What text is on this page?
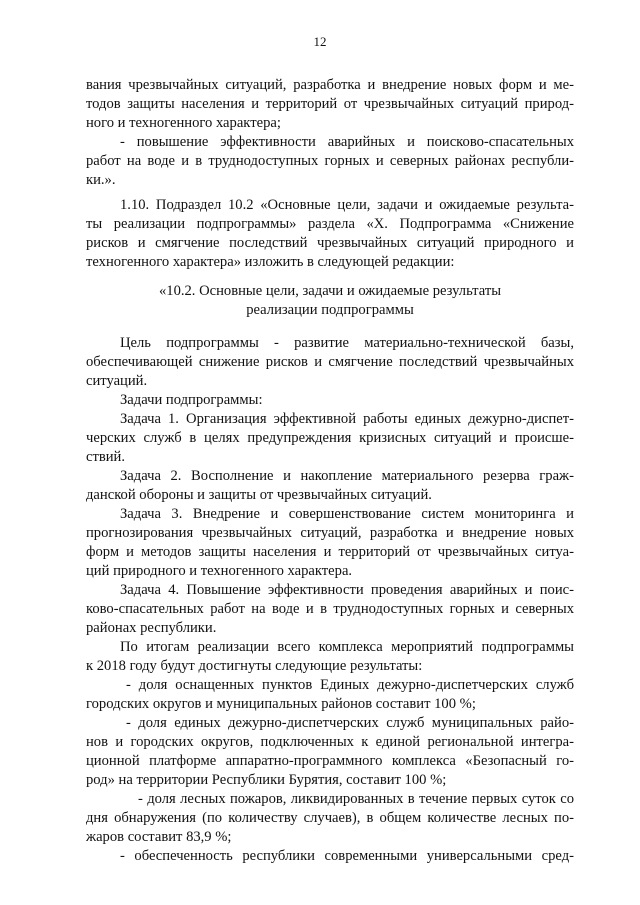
12
вания чрезвычайных ситуаций, разработка и внедрение новых форм и ме-
тодов защиты населения и территорий от чрезвычайных ситуаций природ-
ного и техногенного характера;
- повышение эффективности аварийных и поисково-спасательных
работ на воде и в труднодоступных горных и северных районах республи-
ки.».
1.10. Подраздел 10.2 «Основные цели, задачи и ожидаемые результа-
ты реализации подпрограммы» раздела «Х. Подпрограмма «Снижение
рисков и смягчение последствий чрезвычайных ситуаций природного и
техногенного характера» изложить в следующей редакции:
«10.2. Основные цели, задачи и ожидаемые результаты
реализации подпрограммы
Цель подпрограммы - развитие материально-технической базы,
обеспечивающей снижение рисков и смягчение последствий чрезвычайных
ситуаций.
Задачи подпрограммы:
Задача 1. Организация эффективной работы единых дежурно-диспет-
черских служб в целях предупреждения кризисных ситуаций и происше-
ствий.
Задача 2. Восполнение и накопление материального резерва граж-
данской обороны и защиты от чрезвычайных ситуаций.
Задача 3. Внедрение и совершенствование систем мониторинга и
прогнозирования чрезвычайных ситуаций, разработка и внедрение новых
форм и методов защиты населения и территорий от чрезвычайных ситуа-
ций природного и техногенного характера.
Задача 4. Повышение эффективности проведения аварийных и поис-
ково-спасательных работ на воде и в труднодоступных горных и северных
районах республики.
По итогам реализации всего комплекса мероприятий подпрограммы
к 2018 году будут достигнуты следующие результаты:
- доля оснащенных пунктов Единых дежурно-диспетчерских служб
городских округов и муниципальных районов составит 100 %;
- доля единых дежурно-диспетчерских служб муниципальных райо-
нов и городских округов, подключенных к единой региональной интегра-
ционной платформе аппаратно-программного комплекса «Безопасный го-
род» на территории Республики Бурятия, составит 100 %;
- доля лесных пожаров, ликвидированных в течение первых суток со
дня обнаружения (по количеству случаев), в общем количестве лесных по-
жаров составит 83,9 %;
- обеспеченность республики современными универсальными сред-
